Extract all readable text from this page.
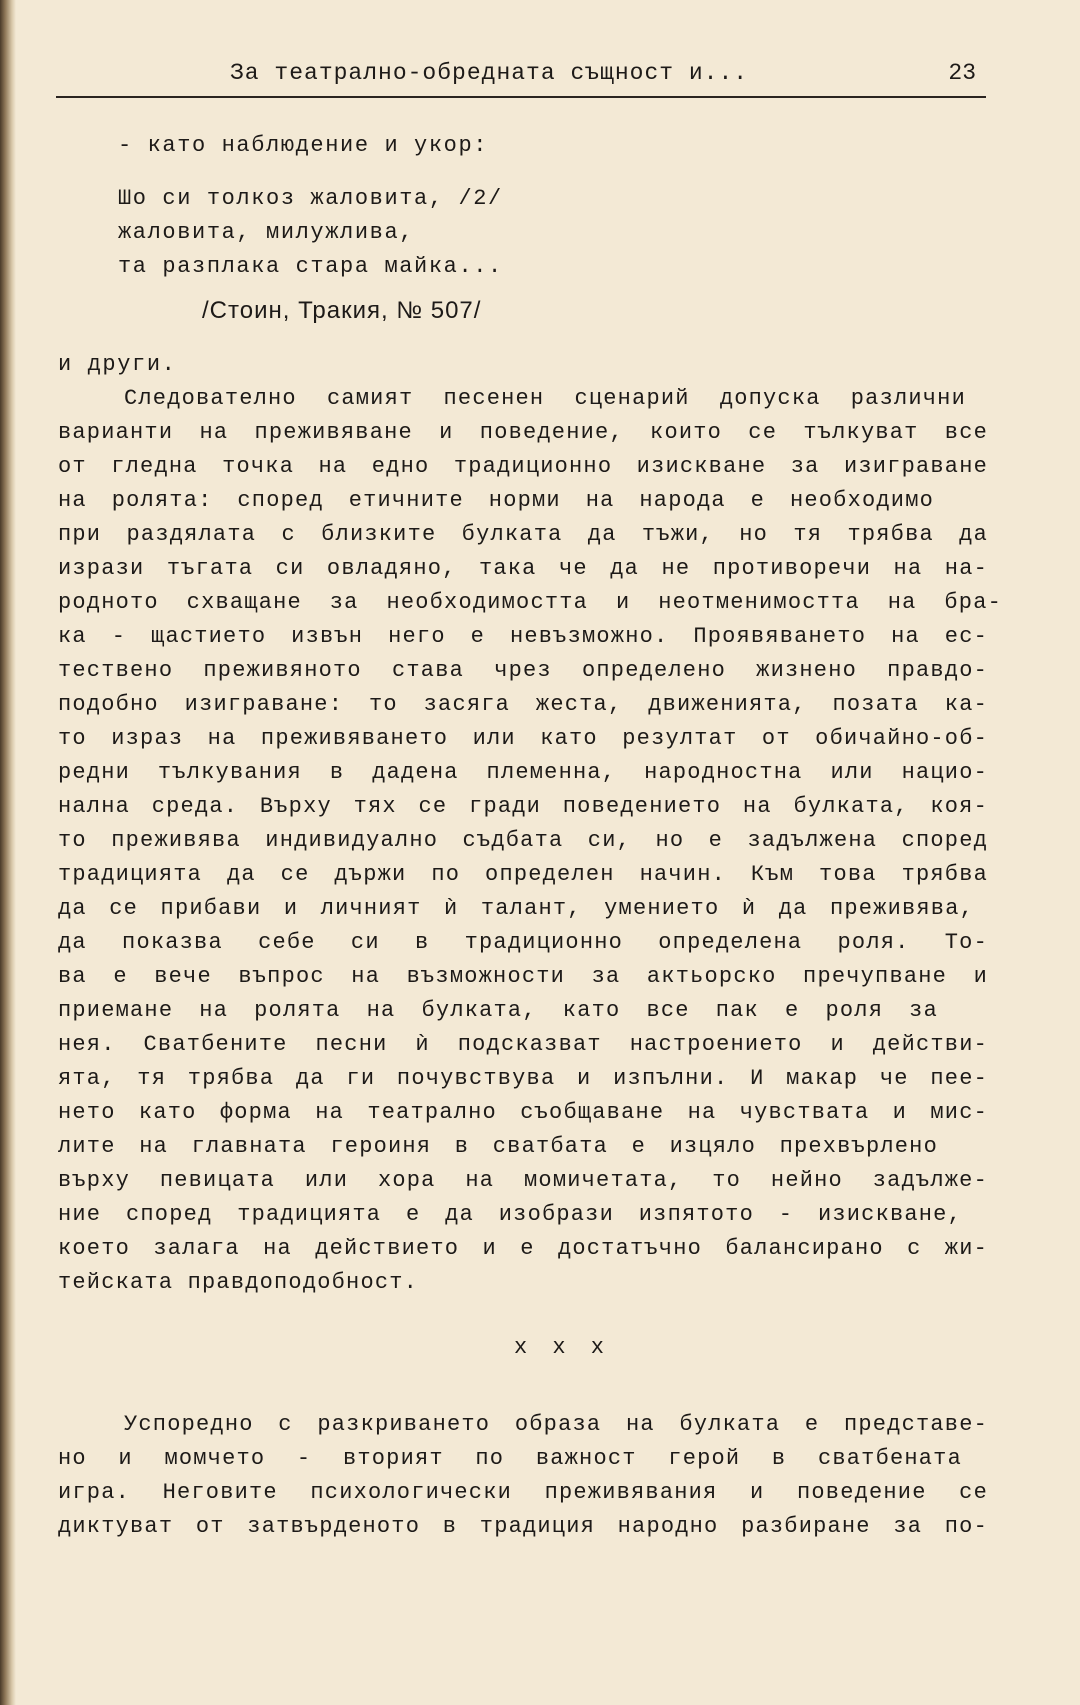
За театрално-обредната същност и...	23
- като наблюдение и укор:
Шо си толкоз жаловита, /2/
жаловита, милужлива,
та разплака стара майка...
/Стоин, Тракия, № 507/
и други.
Следователно самият песенен сценарий допуска различни
варианти на преживяване и поведение, които се тълкуват все
от гледна точка на едно традиционно изискване за изиграване
на ролята: според етичните норми на народа е необходимо
при раздялата с близките булката да тъжи, но тя трябва да
изрази тъгата си овладяно, така че да не противоречи на на-
родното схващане за необходимостта и неотменимостта на бра-
ка - щастието извън него е невъзможно. Проявяването на ес-
тествено преживяното става чрез определено жизнено правдо-
подобно изиграване: то засяга жеста, движенията, позата ка-
то израз на преживяването или като резултат от обичайно-об-
редни тълкувания в дадена племенна, народностна или нацио-
нална среда. Върху тях се гради поведението на булката, коя-
то преживява индивидуално съдбата си, но е задължена според
традицията да се държи по определен начин. Към това трябва
да се прибави и личният ѝ талант, умението ѝ да преживява,
да показва себе си в традиционно определена роля. То-
ва е вече въпрос на възможности за актьорско пречупване и
приемане на ролята на булката, като все пак е роля за
нея. Сватбените песни ѝ подсказват настроението и действи-
ята, тя трябва да ги почувствува и изпълни. И макар че пее-
нето като форма на театрално съобщаване на чувствата и мис-
лите на главната героиня в сватбата е изцяло прехвърлено
върху певицата или хора на момичетата, то нейно задълже-
ние според традицията е да изобрази изпятото - изискване,
което залага на действието и е достатъчно балансирано с жи-
тейската правдоподобност.
x x x
Успоредно с разкриването образа на булката е представе-
но и момчето - вторият по важност герой в сватбената
игра. Неговите психологически преживявания и поведение се
диктуват от затвърденото в традиция народно разбиране за по-
